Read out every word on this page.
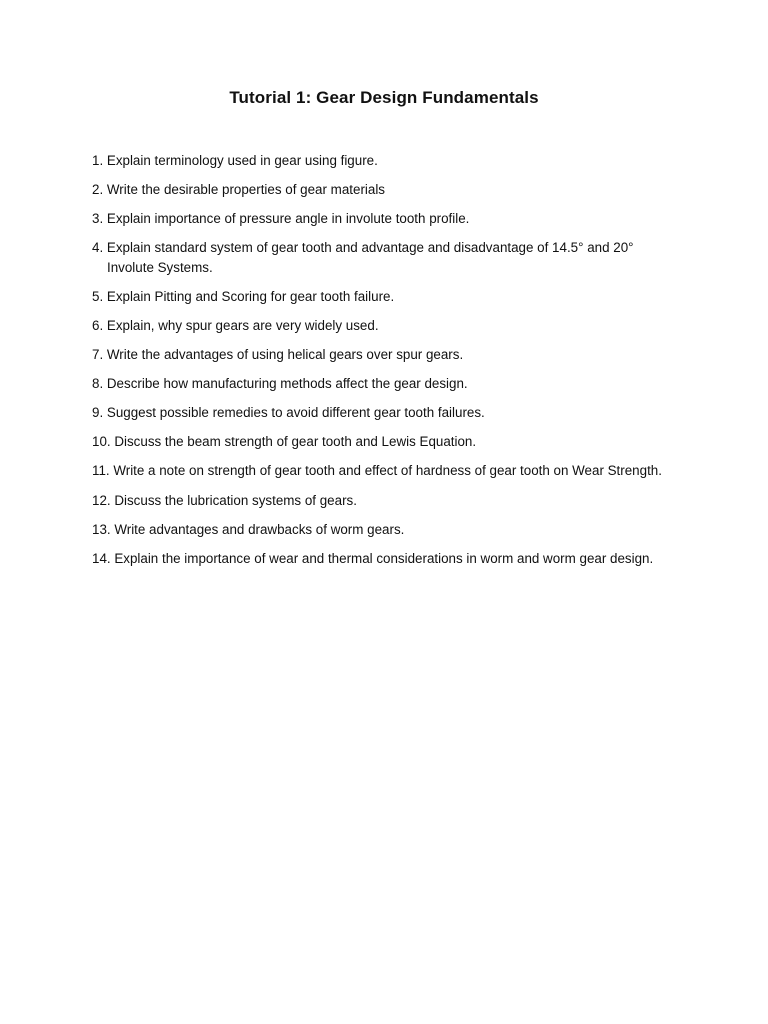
Tutorial 1: Gear Design Fundamentals
1. Explain terminology used in gear using figure.
2. Write the desirable properties of gear materials
3. Explain importance of pressure angle in involute tooth profile.
4. Explain standard system of gear tooth and advantage and disadvantage of 14.5° and 20° Involute Systems.
5. Explain Pitting and Scoring for gear tooth failure.
6. Explain, why spur gears are very widely used.
7. Write the advantages of using helical gears over spur gears.
8. Describe how manufacturing methods affect the gear design.
9. Suggest possible remedies to avoid different gear tooth failures.
10. Discuss the beam strength of gear tooth and Lewis Equation.
11. Write a note on strength of gear tooth and effect of hardness of gear tooth on Wear Strength.
12. Discuss the lubrication systems of gears.
13. Write advantages and drawbacks of worm gears.
14. Explain the importance of wear and thermal considerations in worm and worm gear design.
